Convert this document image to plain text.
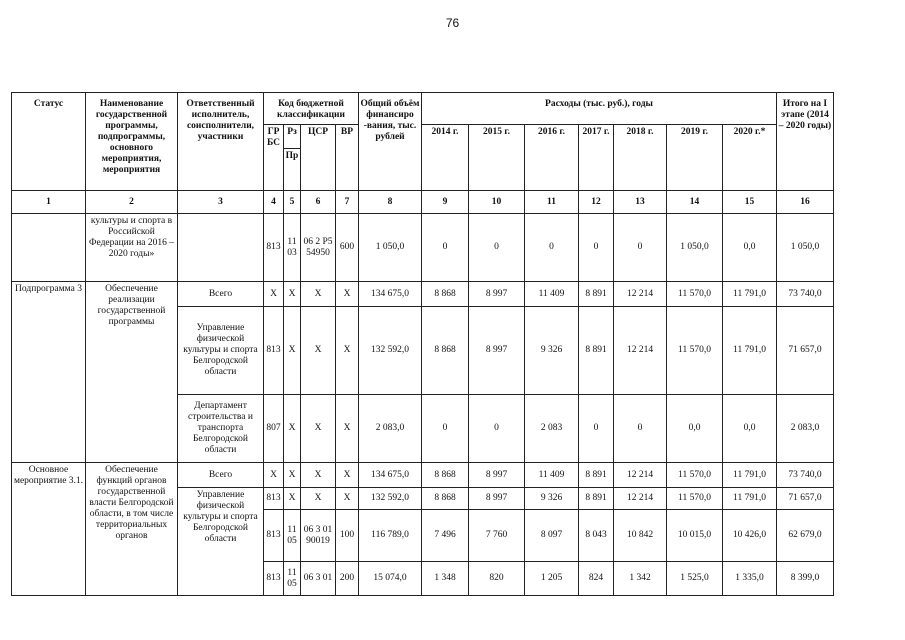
76
Статус	Наименование государственной программы, подпрограммы, основного мероприятия, мероприятия	Ответственный исполнитель, соисполнители, участники	Код бюджетной классификации				Общий объём финансиро -вания, тыс. рублей	Расходы (тыс. руб.), годы							Итого на I этапе (2014 – 2020 годы)
			ГР БС	Рз	ЦСР	ВР		2014 г.	2015 г.	2016 г.	2017 г.	2018 г.	2019 г.	2020 г.*	
				Пр											
1	2	3	4	5	6	7	8	9	10	11	12	13	14	15	16
	культуры и спорта в Российской Федерации на 2016 – 2020 годы»		813	11 03	06 2 P5 54950	600	1 050,0	0	0	0	0	0	1 050,0	0,0	1 050,0
Подпрограмма 3	Обеспечение реализации государственной программы	Всего	X	X	X	X	134 675,0	8 868	8 997	11 409	8 891	12 214	11 570,0	11 791,0	73 740,0
		Управление физической культуры и спорта Белгородской области	813	X	X	X	132 592,0	8 868	8 997	9 326	8 891	12 214	11 570,0	11 791,0	71 657,0
		Департамент строительства и транспорта Белгородской области	807	X	X	X	2 083,0	0	0	2 083	0	0	0,0	0,0	2 083,0
Основное мероприятие 3.1.	Обеспечение функций органов государственной власти Белгородской области, в том числе территориальных органов	Всего	X	X	X	X	134 675,0	8 868	8 997	11 409	8 891	12 214	11 570,0	11 791,0	73 740,0
		Управление физической культуры и спорта Белгородской области	813	X	X	X	132 592,0	8 868	8 997	9 326	8 891	12 214	11 570,0	11 791,0	71 657,0
			813	11 05	06 3 01 90019	100	116 789,0	7 496	7 760	8 097	8 043	10 842	10 015,0	10 426,0	62 679,0
			813	11 05	06 3 01	200	15 074,0	1 348	820	1 205	824	1 342	1 525,0	1 335,0	8 399,0
